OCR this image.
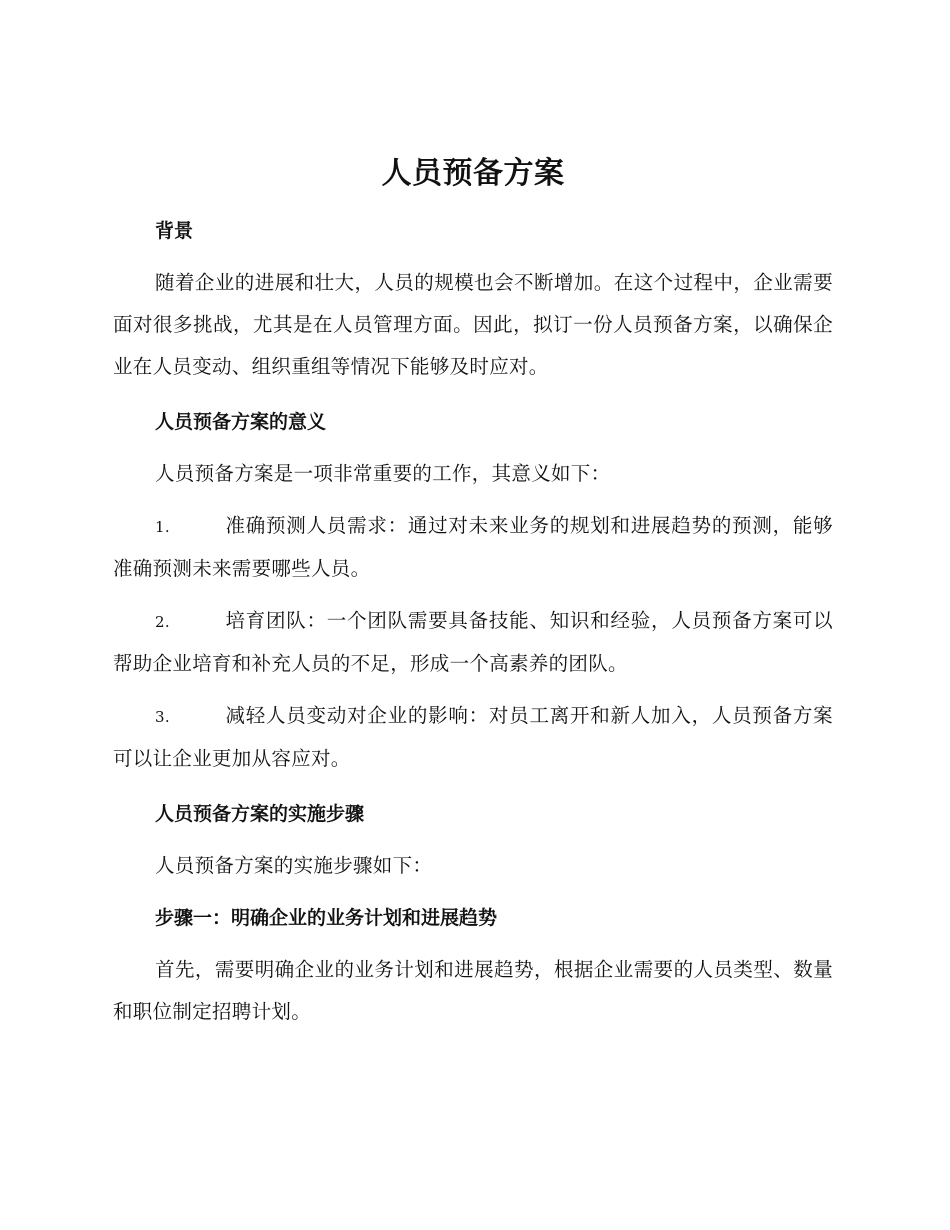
人员预备方案

背景

随着企业的进展和壮大，人员的规模也会不断增加。在这个过程中，企业需要面对很多挑战，尤其是在人员管理方面。因此，拟订一份人员预备方案，以确保企业在人员变动、组织重组等情况下能够及时应对。

人员预备方案的意义

人员预备方案是一项非常重要的工作，其意义如下：

1.	准确预测人员需求：通过对未来业务的规划和进展趋势的预测，能够准确预测未来需要哪些人员。

2.	培育团队：一个团队需要具备技能、知识和经验，人员预备方案可以帮助企业培育和补充人员的不足，形成一个高素养的团队。

3.	减轻人员变动对企业的影响：对员工离开和新人加入，人员预备方案可以让企业更加从容应对。

人员预备方案的实施步骤

人员预备方案的实施步骤如下：

步骤一：明确企业的业务计划和进展趋势

首先，需要明确企业的业务计划和进展趋势，根据企业需要的人员类型、数量和职位制定招聘计划。
